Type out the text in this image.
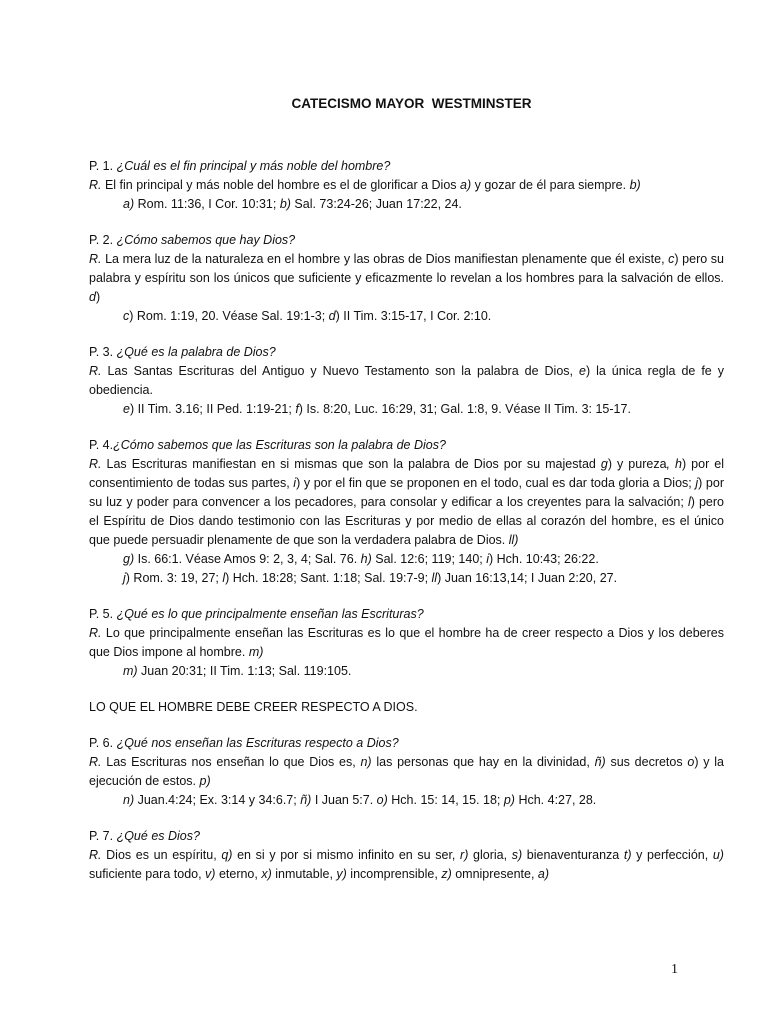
CATECISMO MAYOR  WESTMINSTER

P. 1. ¿Cuál es el fin principal y más noble del hombre?

R. El fin principal y más noble del hombre es el de glorificar a Dios a) y gozar de él para siempre. b)

a) Rom. 11:36, I Cor. 10:31; b) Sal. 73:24-26; Juan 17:22, 24.

P. 2. ¿Cómo sabemos que hay Dios?

R. La mera luz de la naturaleza en el hombre y las obras de Dios manifiestan plenamente que él existe, c) pero su palabra y espíritu son los únicos que suficiente y eficazmente lo revelan a los hombres para la salvación de ellos. d)

c) Rom. 1:19, 20. Véase Sal. 19:1-3; d) II Tim. 3:15-17, I Cor. 2:10.

P. 3. ¿Qué es la palabra de Dios?

R. Las Santas Escrituras del Antiguo y Nuevo Testamento son la palabra de Dios, e) la única regla de fe y obediencia.

e) II Tim. 3.16; II Ped. 1:19-21; f) Is. 8:20, Luc. 16:29, 31; Gal. 1:8, 9. Véase II Tim. 3: 15-17.

P. 4.¿Cómo sabemos que las Escrituras son la palabra de Dios?

R. Las Escrituras manifiestan en si mismas que son la palabra de Dios por su majestad g) y pureza, h) por el consentimiento de todas sus partes, i) y por el fin que se proponen en el todo, cual es dar toda gloria a Dios; j) por su luz y poder para convencer a los pecadores, para consolar y edificar a los creyentes para la salvación; l) pero el Espíritu de Dios dando testimonio con las Escrituras y por medio de ellas al corazón del hombre, es el único que puede persuadir plenamente de que son la verdadera palabra de Dios. ll)

g) Is. 66:1. Véase Amos 9: 2, 3, 4; Sal. 76. h) Sal. 12:6; 119; 140; i) Hch. 10:43; 26:22.
j) Rom. 3: 19, 27; l) Hch. 18:28; Sant. 1:18; Sal. 19:7-9; ll) Juan 16:13,14; I Juan 2:20, 27.

P. 5. ¿Qué es lo que principalmente enseñan las Escrituras?

R. Lo que principalmente enseñan las Escrituras es lo que el hombre ha de creer respecto a Dios y los deberes que Dios impone al hombre. m)

m) Juan 20:31; II Tim. 1:13; Sal. 119:105.

LO QUE EL HOMBRE DEBE CREER RESPECTO A DIOS.

P. 6. ¿Qué nos enseñan las Escrituras respecto a Dios?

R. Las Escrituras nos enseñan lo que Dios es, n) las personas que hay en la divinidad, ñ) sus decretos o) y la ejecución de estos. p)

n) Juan.4:24; Ex. 3:14 y 34:6.7; ñ) I Juan 5:7. o) Hch. 15: 14, 15. 18; p) Hch. 4:27, 28.

P. 7. ¿Qué es Dios?

R. Dios es un espíritu, q) en si y por si mismo infinito en su ser, r) gloria, s) bienaventuranza t) y perfección, u) suficiente para todo, v) eterno, x) inmutable, y) incomprensible, z) omnipresente, a)

1
